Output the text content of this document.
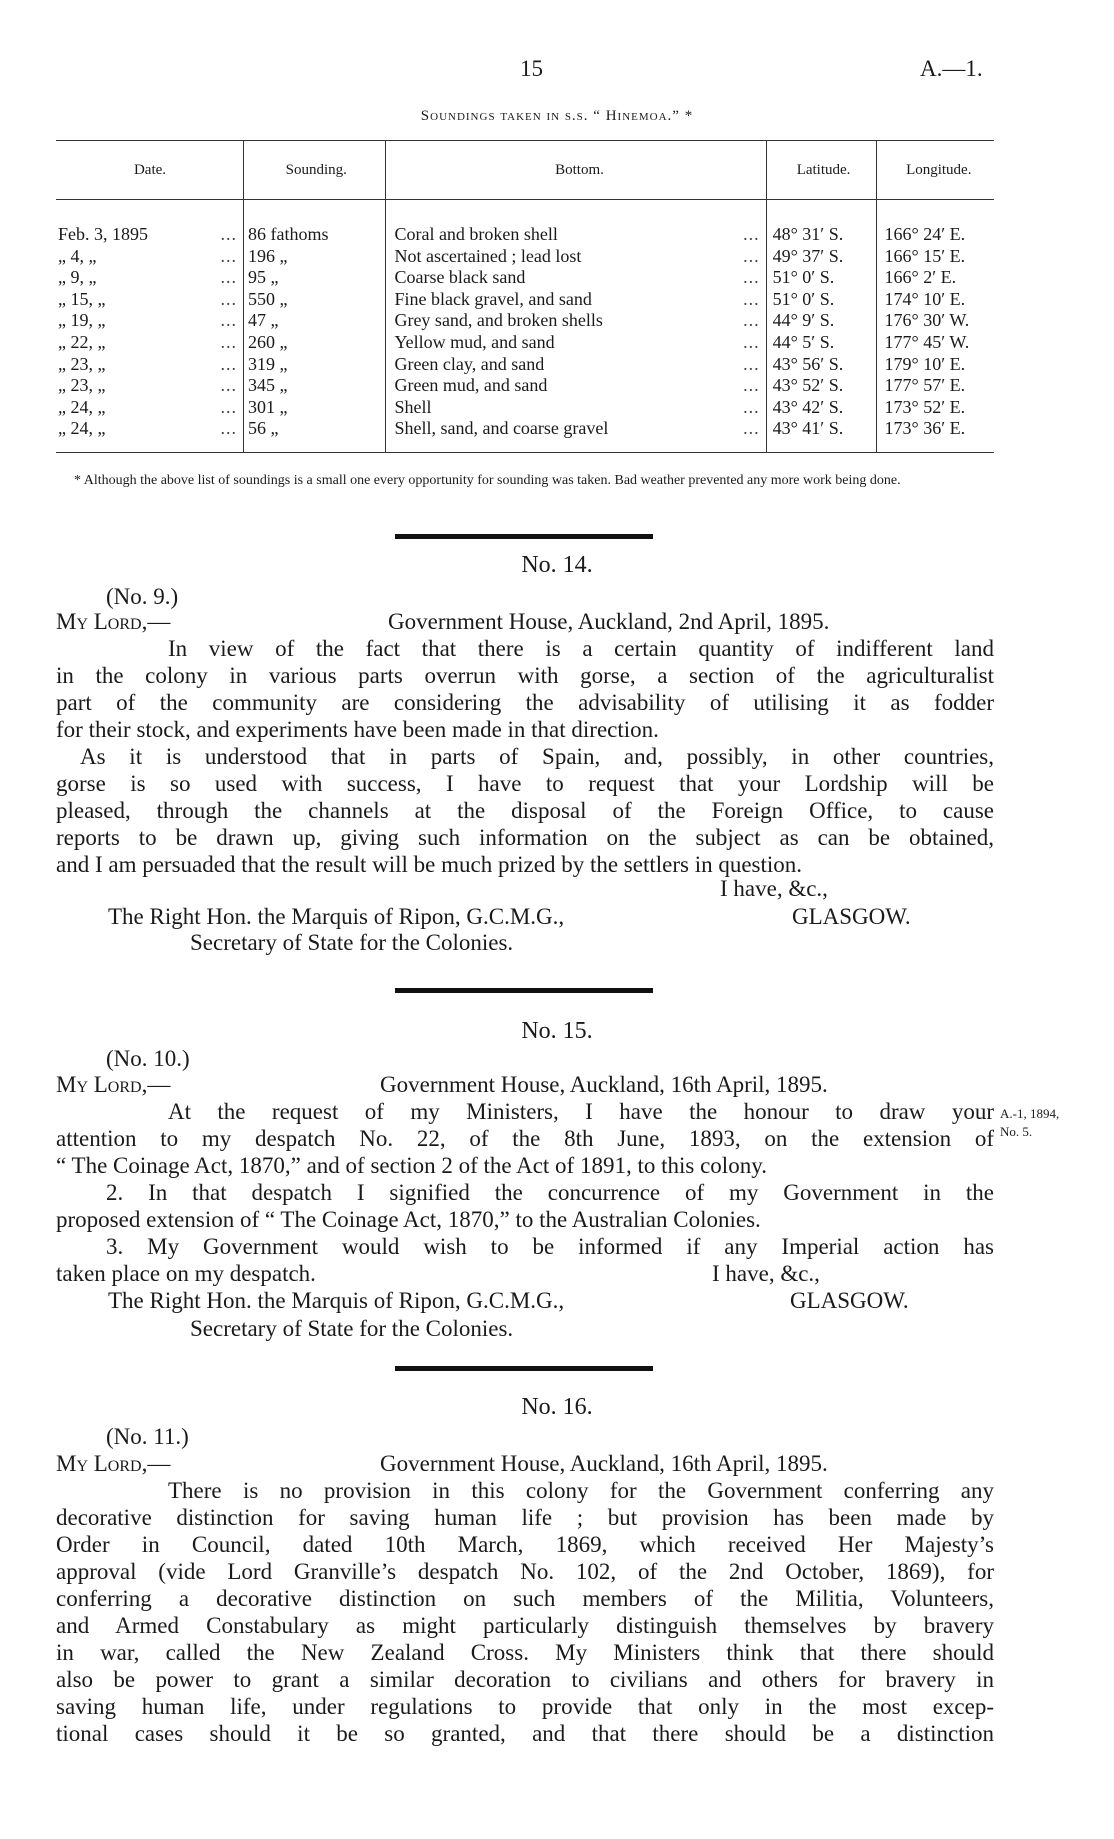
15	A.—1.
Soundings taken in s.s. “ Hinemoa.” *
Date.	Sounding.	Bottom.	Latitude.	Longitude.
Feb. 3, 1895 ...	86 fathoms	Coral and broken shell ...	48° 31′ S.	166° 24′ E.
„ 4, „ ...	196 „	Not ascertained ; lead lost ...	49° 37′ S.	166° 15′ E.
„ 9, „ ...	95 „	Coarse black sand ...	51° 0′ S.	166° 2′ E.
„ 15, „ ...	550 „	Fine black gravel, and sand ...	51° 0′ S.	174° 10′ E.
„ 19, „ ...	47 „	Grey sand, and broken shells ...	44° 9′ S.	176° 30′ W.
„ 22, „ ...	260 „	Yellow mud, and sand ...	44° 5′ S.	177° 45′ W.
„ 23, „ ...	319 „	Green clay, and sand ...	43° 56′ S.	179° 10′ E.
„ 23, „ ...	345 „	Green mud, and sand ...	43° 52′ S.	177° 57′ E.
„ 24, „ ...	301 „	Shell ...	43° 42′ S.	173° 52′ E.
„ 24, „ ...	56 „	Shell, sand, and coarse gravel ...	43° 41′ S.	173° 36′ E.
* Although the above list of soundings is a small one every opportunity for sounding was taken. Bad weather prevented any more work being done.
No. 14.
(No. 9.)
My Lord,—	Government House, Auckland, 2nd April, 1895.
In view of the fact that there is a certain quantity of indifferent land
in the colony in various parts overrun with gorse, a section of the agriculturalist
part of the community are considering the advisability of utilising it as fodder
for their stock, and experiments have been made in that direction.
As it is understood that in parts of Spain, and, possibly, in other countries,
gorse is so used with success, I have to request that your Lordship will be
pleased, through the channels at the disposal of the Foreign Office, to cause
reports to be drawn up, giving such information on the subject as can be obtained,
and I am persuaded that the result will be much prized by the settlers in question.
I have, &c.,
The Right Hon. the Marquis of Ripon, G.C.M.G.,	GLASGOW.
Secretary of State for the Colonies.
No. 15.
(No. 10.)
My Lord,—	Government House, Auckland, 16th April, 1895.
At the request of my Ministers, I have the honour to draw your
attention to my despatch No. 22, of the 8th June, 1893, on the extension of
“ The Coinage Act, 1870,” and of section 2 of the Act of 1891, to this colony.
2. In that despatch I signified the concurrence of my Government in the
proposed extension of “ The Coinage Act, 1870,” to the Australian Colonies.
3. My Government would wish to be informed if any Imperial action has
taken place on my despatch.	I have, &c.,
A.-1, 1894,
No. 5.
The Right Hon. the Marquis of Ripon, G.C.M.G.,	GLASGOW.
Secretary of State for the Colonies.
No. 16.
(No. 11.)
My Lord,—	Government House, Auckland, 16th April, 1895.
There is no provision in this colony for the Government conferring any
decorative distinction for saving human life ; but provision has been made by
Order in Council, dated 10th March, 1869, which received Her Majesty’s
approval (vide Lord Granville’s despatch No. 102, of the 2nd October, 1869), for
conferring a decorative distinction on such members of the Militia, Volunteers,
and Armed Constabulary as might particularly distinguish themselves by bravery
in war, called the New Zealand Cross. My Ministers think that there should
also be power to grant a similar decoration to civilians and others for bravery in
saving human life, under regulations to provide that only in the most excep-
tional cases should it be so granted, and that there should be a distinction
